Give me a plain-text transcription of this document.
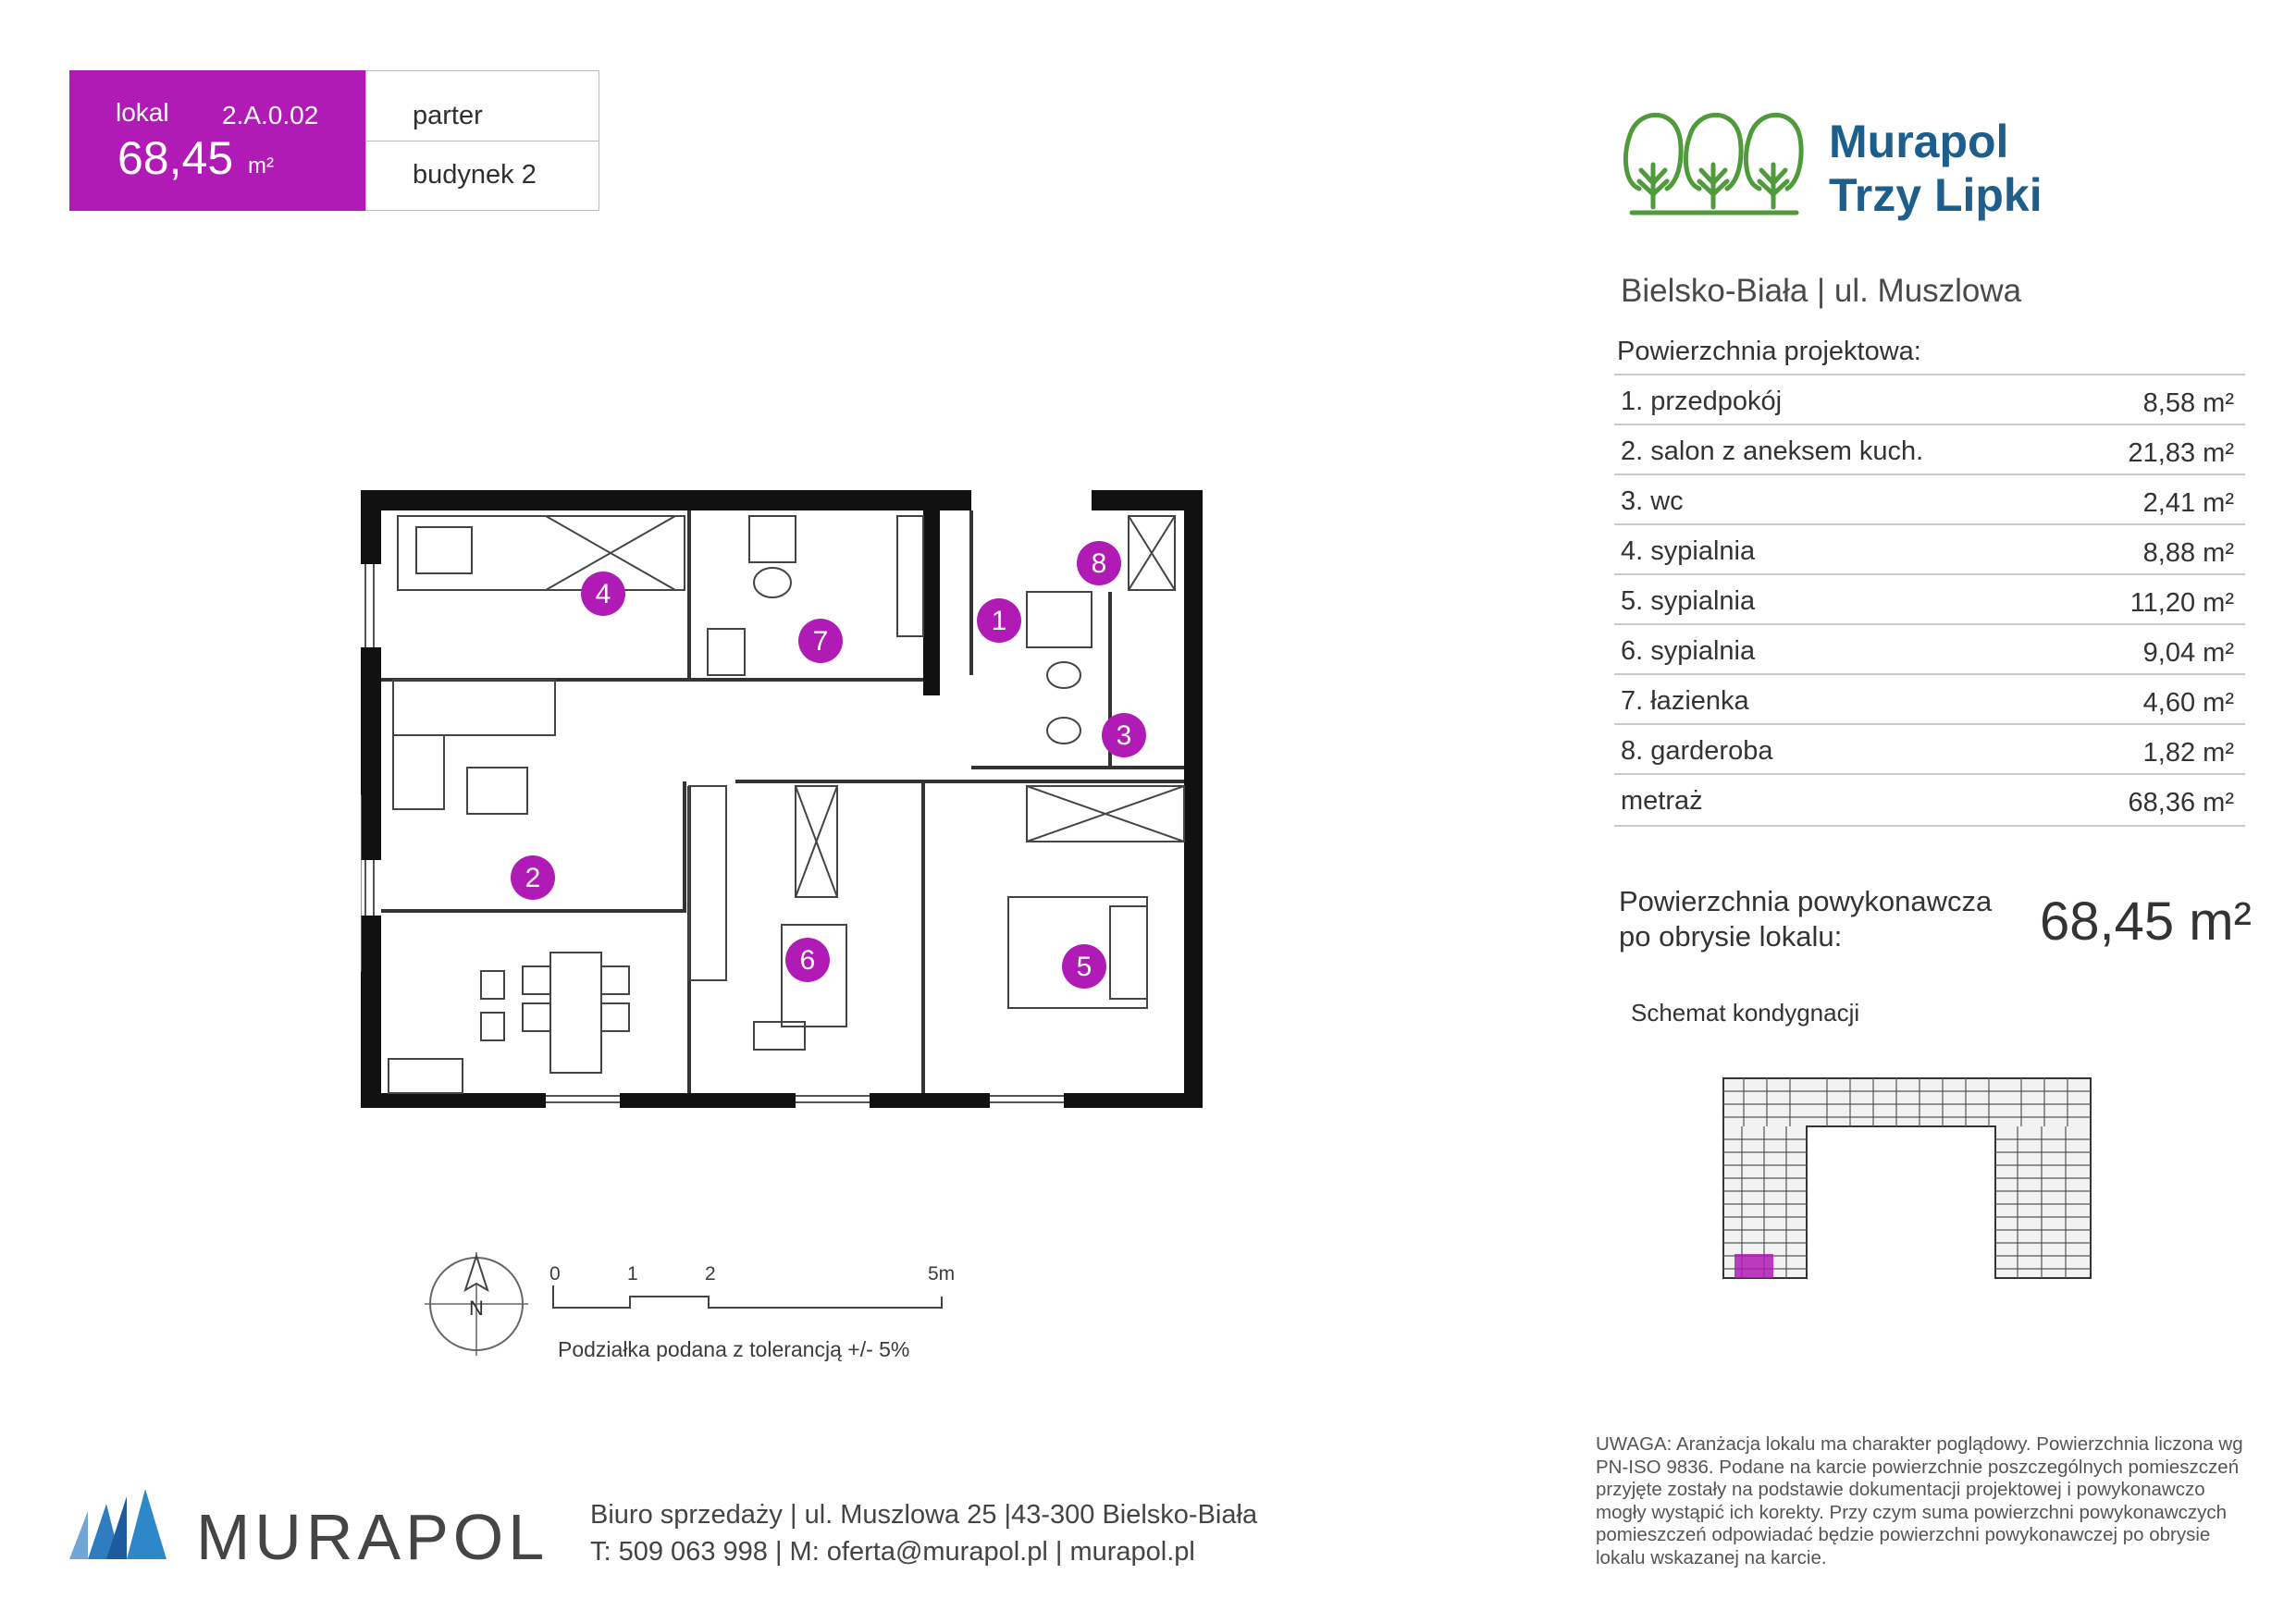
lokal 2.A.0.02
68,45 m²
parter
budynek 2
Murapol
Trzy Lipki
Bielsko-Biała | ul. Muszlowa
Powierzchnia projektowa:
1. przedpokój	8,58 m²
2. salon z aneksem kuch.	21,83 m²
3. wc	2,41 m²
4. sypialnia	8,88 m²
5. sypialnia	11,20 m²
6. sypialnia	9,04 m²
7. łazienka	4,60 m²
8. garderoba	1,82 m²
metraż	68,36 m²
Powierzchnia powykonawcza
po obrysie lokalu:	68,45 m²
Schemat kondygnacji
1
2
3
4
5
6
7
8
N
0	1	2	5m
Podziałka podana z tolerancją +/- 5%
MURAPOL Biuro sprzedaży | ul. Muszlowa 25 |43-300 Bielsko-Biała
T: 509 063 998 | M: oferta@murapol.pl | murapol.pl
UWAGA: Aranżacja lokalu ma charakter poglądowy. Powierzchnia liczona wg PN-ISO 9836. Podane na karcie powierzchnie poszczególnych pomieszczeń przyjęte zostały na podstawie dokumentacji projektowej i powykonawczo mogły wystąpić ich korekty. Przy czym suma powierzchni powykonawczych pomieszczeń odpowiadać będzie powierzchni powykonawczej po obrysie lokalu wskazanej na karcie.
